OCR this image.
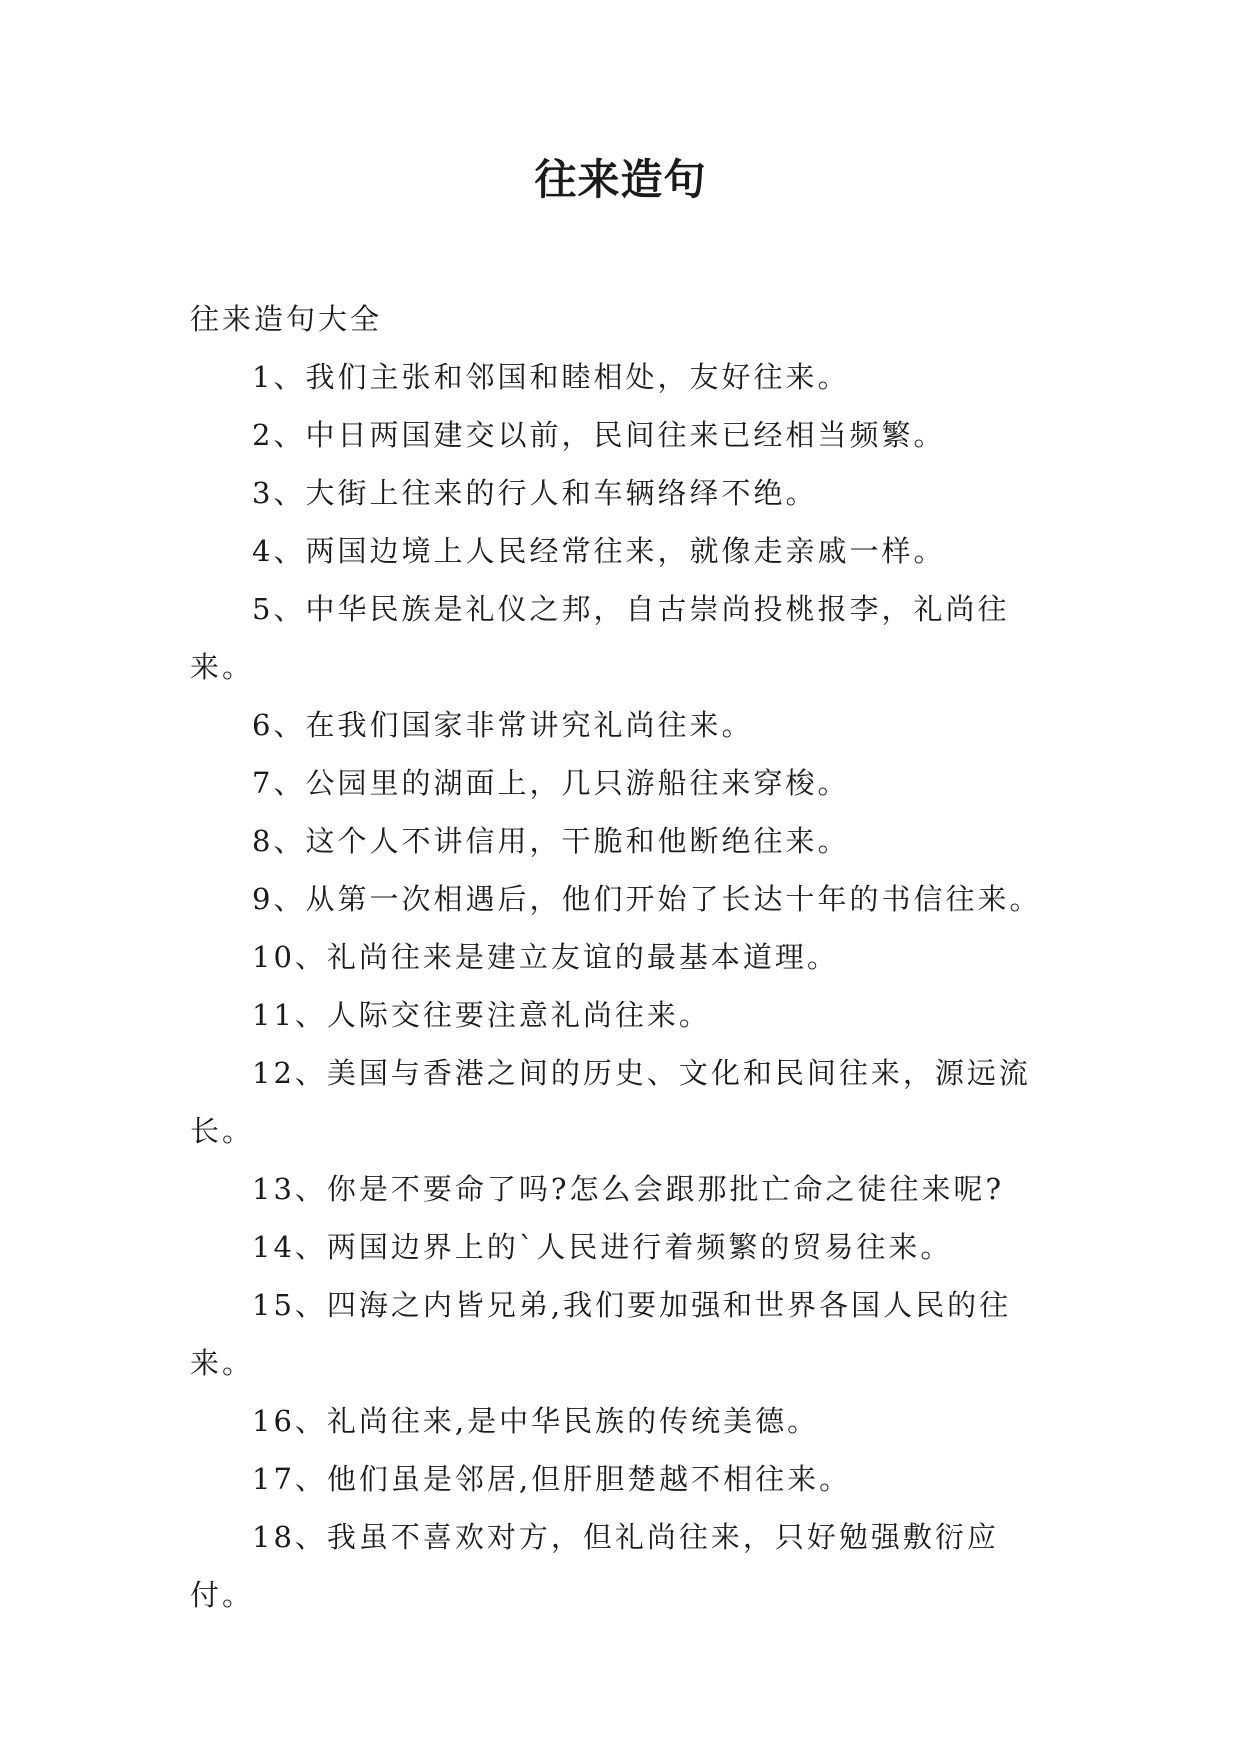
往来造句

往来造句大全

1、我们主张和邻国和睦相处，友好往来。

2、中日两国建交以前，民间往来已经相当频繁。

3、大街上往来的行人和车辆络绎不绝。

4、两国边境上人民经常往来，就像走亲戚一样。

5、中华民族是礼仪之邦，自古崇尚投桃报李，礼尚往来。

6、在我们国家非常讲究礼尚往来。

7、公园里的湖面上，几只游船往来穿梭。

8、这个人不讲信用，干脆和他断绝往来。

9、从第一次相遇后，他们开始了长达十年的书信往来。

10、礼尚往来是建立友谊的最基本道理。

11、人际交往要注意礼尚往来。

12、美国与香港之间的历史、文化和民间往来，源远流长。

13、你是不要命了吗?怎么会跟那批亡命之徒往来呢?

14、两国边界上的`人民进行着频繁的贸易往来。

15、四海之内皆兄弟,我们要加强和世界各国人民的往来。

16、礼尚往来,是中华民族的传统美德。

17、他们虽是邻居,但肝胆楚越不相往来。

18、我虽不喜欢对方，但礼尚往来，只好勉强敷衍应付。
